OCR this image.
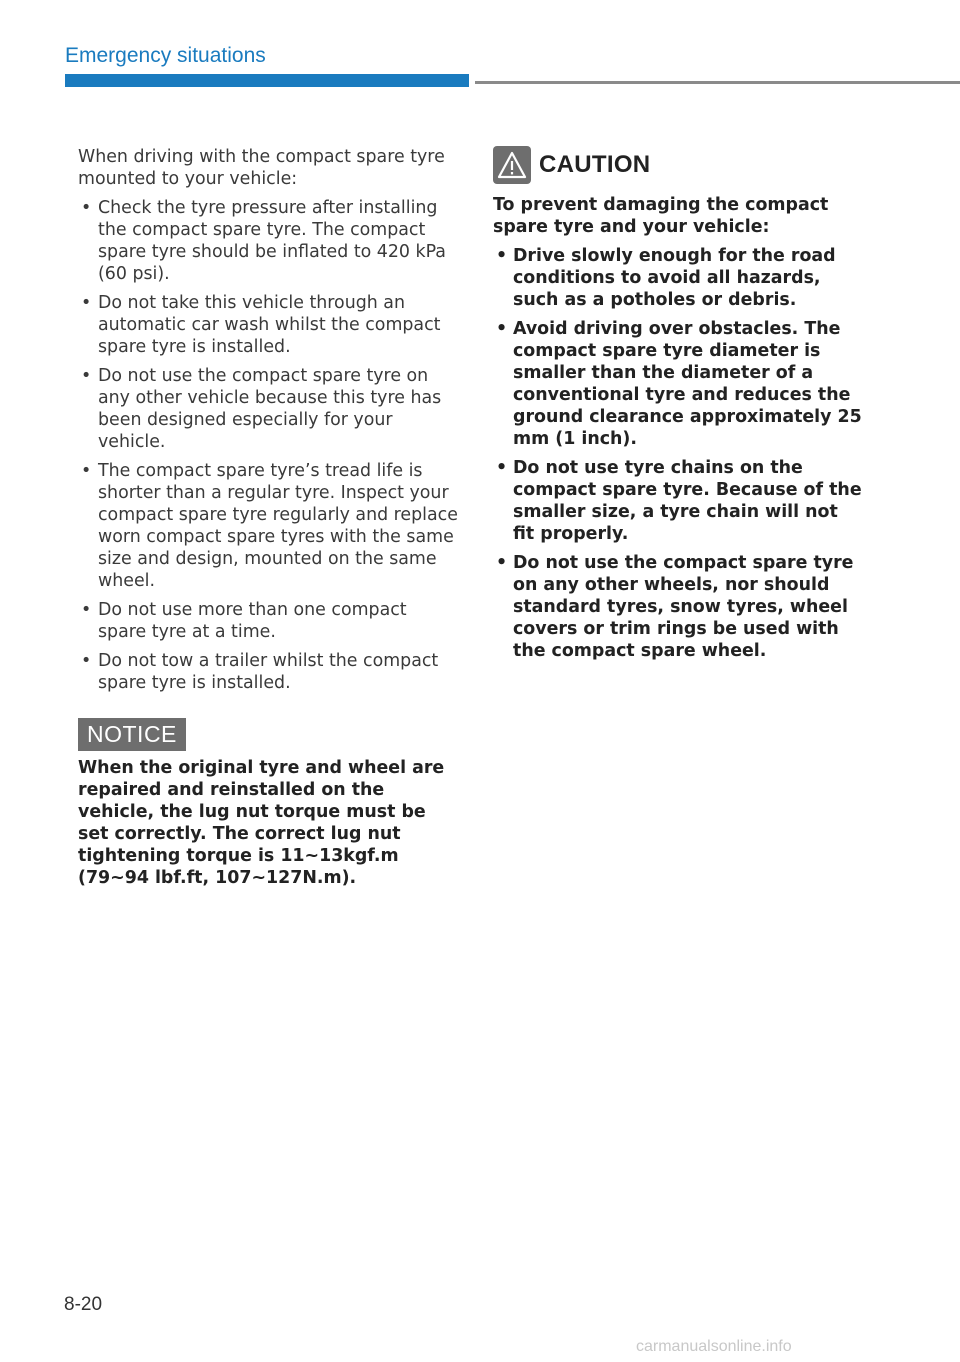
Emergency situations

When driving with the compact spare tyre mounted to your vehicle:

• Check the tyre pressure after installing the compact spare tyre. The compact spare tyre should be inflated to 420 kPa (60 psi).
• Do not take this vehicle through an automatic car wash whilst the compact spare tyre is installed.
• Do not use the compact spare tyre on any other vehicle because this tyre has been designed especially for your vehicle.
• The compact spare tyre’s tread life is shorter than a regular tyre. Inspect your compact spare tyre regularly and replace worn compact spare tyres with the same size and design, mounted on the same wheel.
• Do not use more than one compact spare tyre at a time.
• Do not tow a trailer whilst the compact spare tyre is installed.
NOTICE
When the original tyre and wheel are repaired and reinstalled on the vehicle, the lug nut torque must be set correctly. The correct lug nut tightening torque is 11~13kgf.m (79~94 lbf.ft, 107~127N.m).
CAUTION

To prevent damaging the compact spare tyre and your vehicle:

• Drive slowly enough for the road conditions to avoid all hazards, such as a potholes or debris.
• Avoid driving over obstacles. The compact spare tyre diameter is smaller than the diameter of a conventional tyre and reduces the ground clearance approximately 25 mm (1 inch).
• Do not use tyre chains on the compact spare tyre. Because of the smaller size, a tyre chain will not fit properly.
• Do not use the compact spare tyre on any other wheels, nor should standard tyres, snow tyres, wheel covers or trim rings be used with the compact spare wheel.
8-20
carmanualsonline.info
